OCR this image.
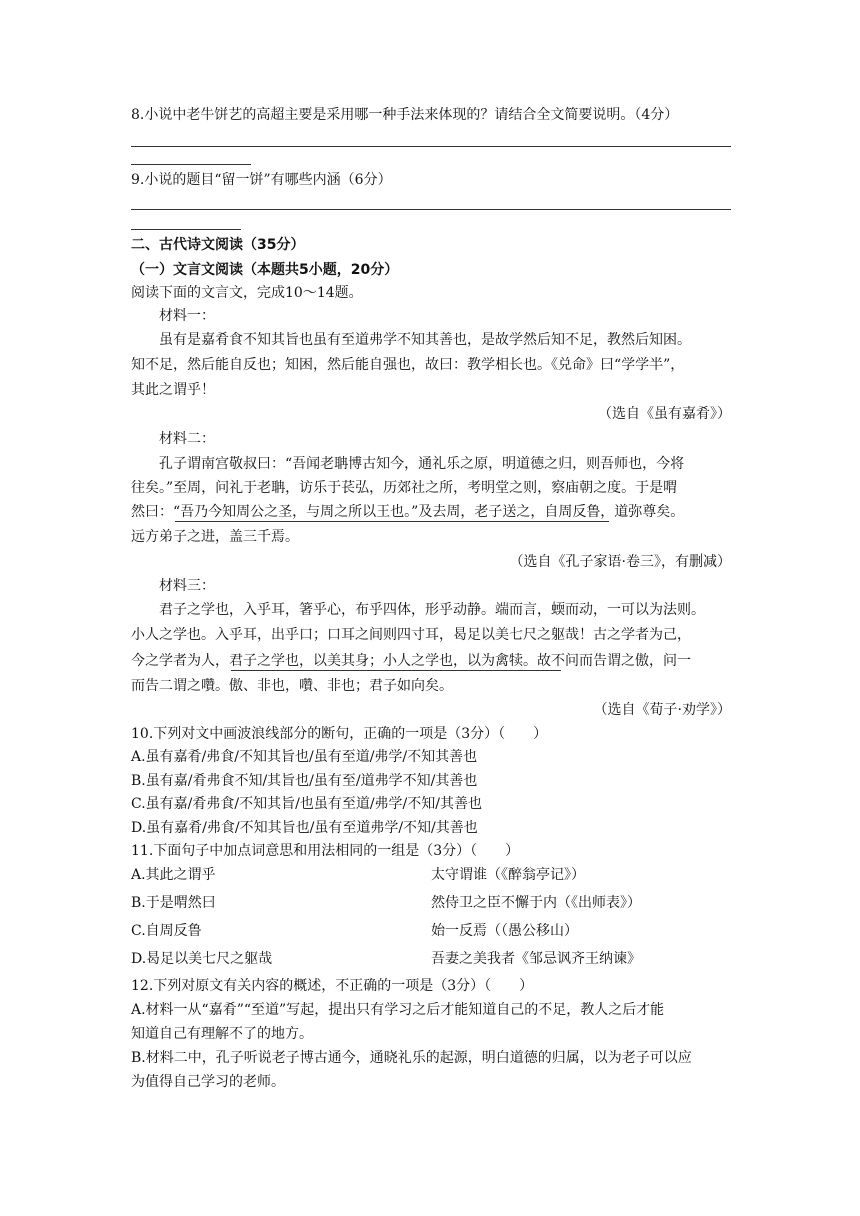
8.小说中老牛饼艺的高超主要是采用哪一种手法来体现的？请结合全文简要说明。（4分）
9.小说的题目“留一饼”有哪些内涵（6分）
二、古代诗文阅读（35分）
（一）文言文阅读（本题共5小题，20分）
阅读下面的文言文，完成10～14题。
材料一：
虽有是嘉肴食不知其旨也虽有至道弗学不知其善也，是故学然后知不足，教然后知困。
知不足，然后能自反也；知困，然后能自强也，故曰：教学相长也。《兑命》曰“学学半”，
其此之谓乎！
（选自《虽有嘉肴》）
材料二：
孔子谓南宫敬叔曰：“吾闻老聃博古知今，通礼乐之原，明道德之归，则吾师也，今将
往矣。”至周，问礼于老聃，访乐于苌弘，历郊社之所，考明堂之则，察庙朝之度。于是喟
然曰：“吾乃今知周公之圣，与周之所以王也。”及去周，老子送之，自周反鲁，道弥尊矣。
远方弟子之进，盖三千焉。
（选自《孔子家语·卷三》，有删减）
材料三：
君子之学也，入乎耳，箸乎心，布乎四体，形乎动静。端而言，蝡而动，一可以为法则。
小人之学也。入乎耳，出乎口；口耳之间则四寸耳，曷足以美七尺之躯哉！古之学者为己，
今之学者为人，君子之学也，以美其身；小人之学也，以为禽犊。故不问而告谓之傲，问一
而告二谓之囋。傲、非也，囋、非也；君子如向矣。
（选自《荀子·劝学》）
10.下列对文中画波浪线部分的断句，正确的一项是（3分）（　　）
A.虽有嘉肴/弗食/不知其旨也/虽有至道/弗学/不知其善也
B.虽有嘉/肴弗食不知/其旨也/虽有至/道弗学不知/其善也
C.虽有嘉/肴弗食/不知其旨/也虽有至道/弗学/不知/其善也
D.虽有嘉肴/弗食/不知其旨也/虽有至道弗学/不知/其善也
11.下面句子中加点词意思和用法相同的一组是（3分）（　　）
A.其此之谓乎	太守谓谁（《醉翁亭记》）
B.于是喟然曰	然侍卫之臣不懈于内（《出师表》）
C.自周反鲁	始一反焉（（愚公移山）
D.曷足以美七尺之躯哉	吾妻之美我者《邹忌讽齐王纳谏》
12.下列对原文有关内容的概述，不正确的一项是（3分）（　　）
A.材料一从“嘉肴”“至道”写起，提出只有学习之后才能知道自己的不足，教人之后才能
知道自己有理解不了的地方。
B.材料二中，孔子听说老子博古通今，通晓礼乐的起源，明白道德的归属，以为老子可以应
为值得自己学习的老师。
